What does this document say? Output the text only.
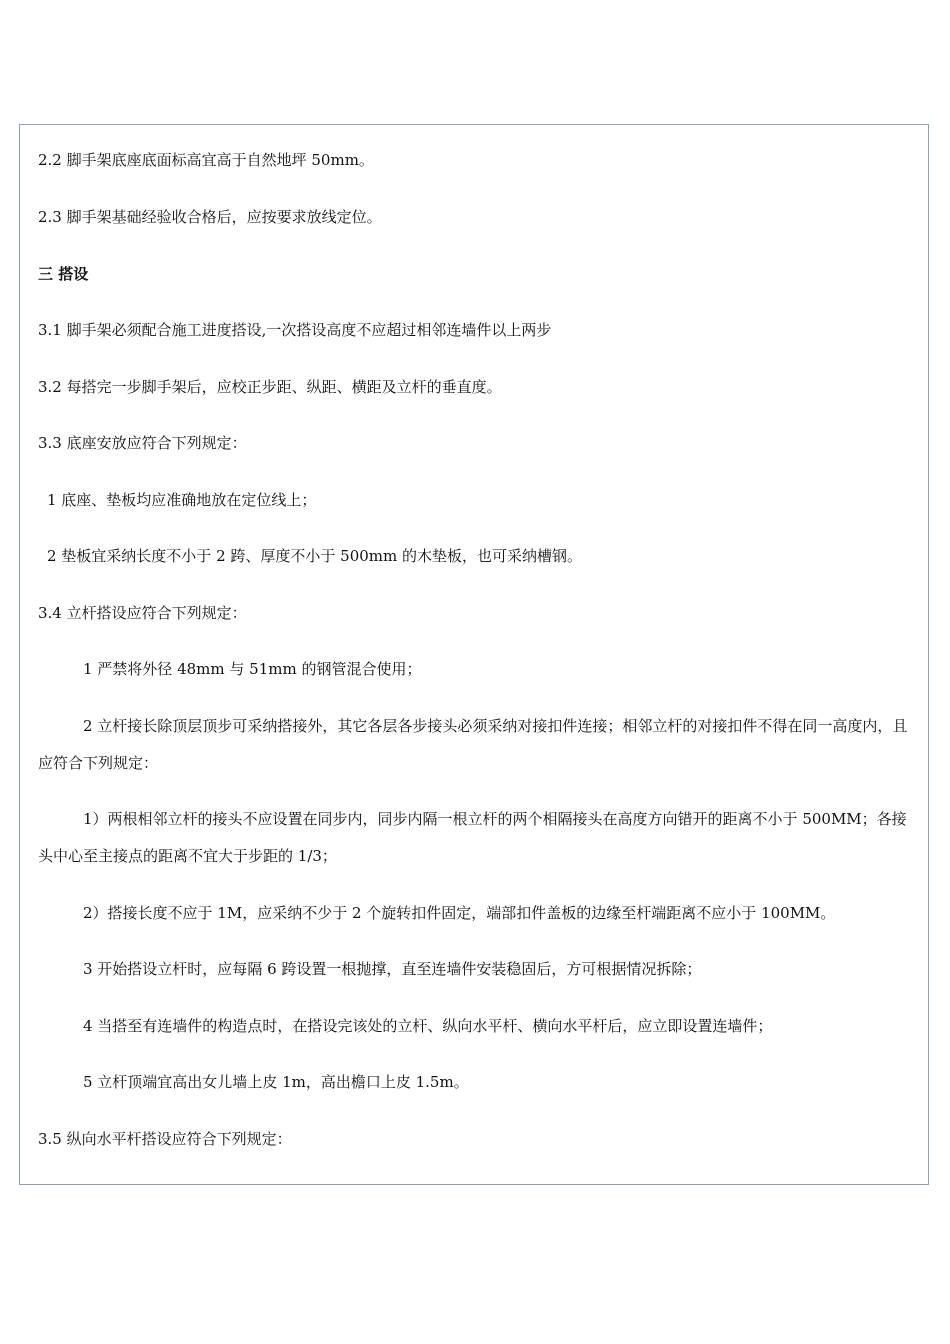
2.2 脚手架底座底面标高宜高于自然地坪 50mm。
2.3 脚手架基础经验收合格后，应按要求放线定位。
三 搭设
3.1 脚手架必须配合施工进度搭设,一次搭设高度不应超过相邻连墙件以上两步
3.2 每搭完一步脚手架后，应校正步距、纵距、横距及立杆的垂直度。
3.3 底座安放应符合下列规定：
1 底座、垫板均应准确地放在定位线上；
2 垫板宜采纳长度不小于 2 跨、厚度不小于 500mm 的木垫板，也可采纳槽钢。
3.4 立杆搭设应符合下列规定：
1 严禁将外径 48mm 与 51mm 的钢管混合使用；
2 立杆接长除顶层顶步可采纳搭接外，其它各层各步接头必须采纳对接扣件连接；相邻立杆的对接扣件不得在同一高度内，且应符合下列规定：
1）两根相邻立杆的接头不应设置在同步内，同步内隔一根立杆的两个相隔接头在高度方向错开的距离不小于 500MM；各接头中心至主接点的距离不宜大于步距的 1/3；
2）搭接长度不应于 1M，应采纳不少于 2 个旋转扣件固定，端部扣件盖板的边缘至杆端距离不应小于 100MM。
3 开始搭设立杆时，应每隔 6 跨设置一根抛撑，直至连墙件安装稳固后，方可根据情况拆除；
4 当搭至有连墙件的构造点时，在搭设完该处的立杆、纵向水平杆、横向水平杆后，应立即设置连墙件；
5 立杆顶端宜高出女儿墙上皮 1m，高出檐口上皮 1.5m。
3.5 纵向水平杆搭设应符合下列规定：
